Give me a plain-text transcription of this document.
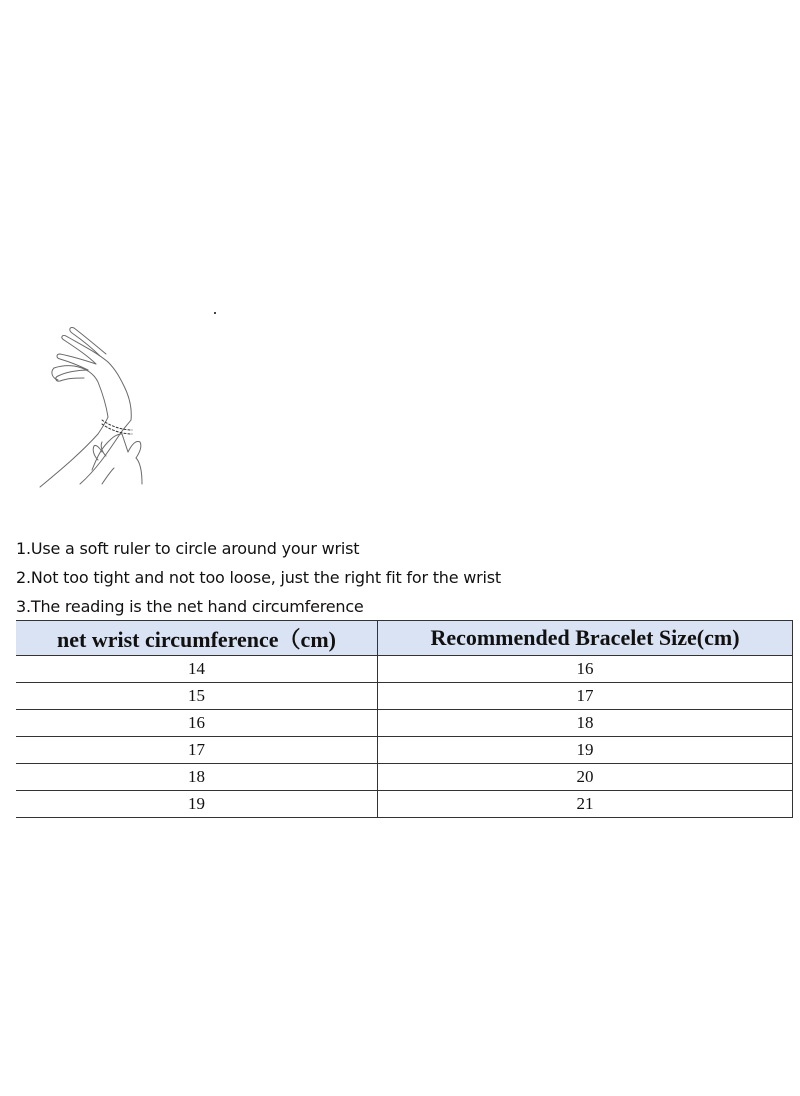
1.Use a soft ruler to circle around your wrist
2.Not too tight and not too loose, just the right fit for the wrist
3.The reading is the net hand circumference
net wrist circumference（cm)	Recommended Bracelet Size(cm)
14	16
15	17
16	18
17	19
18	20
19	21
